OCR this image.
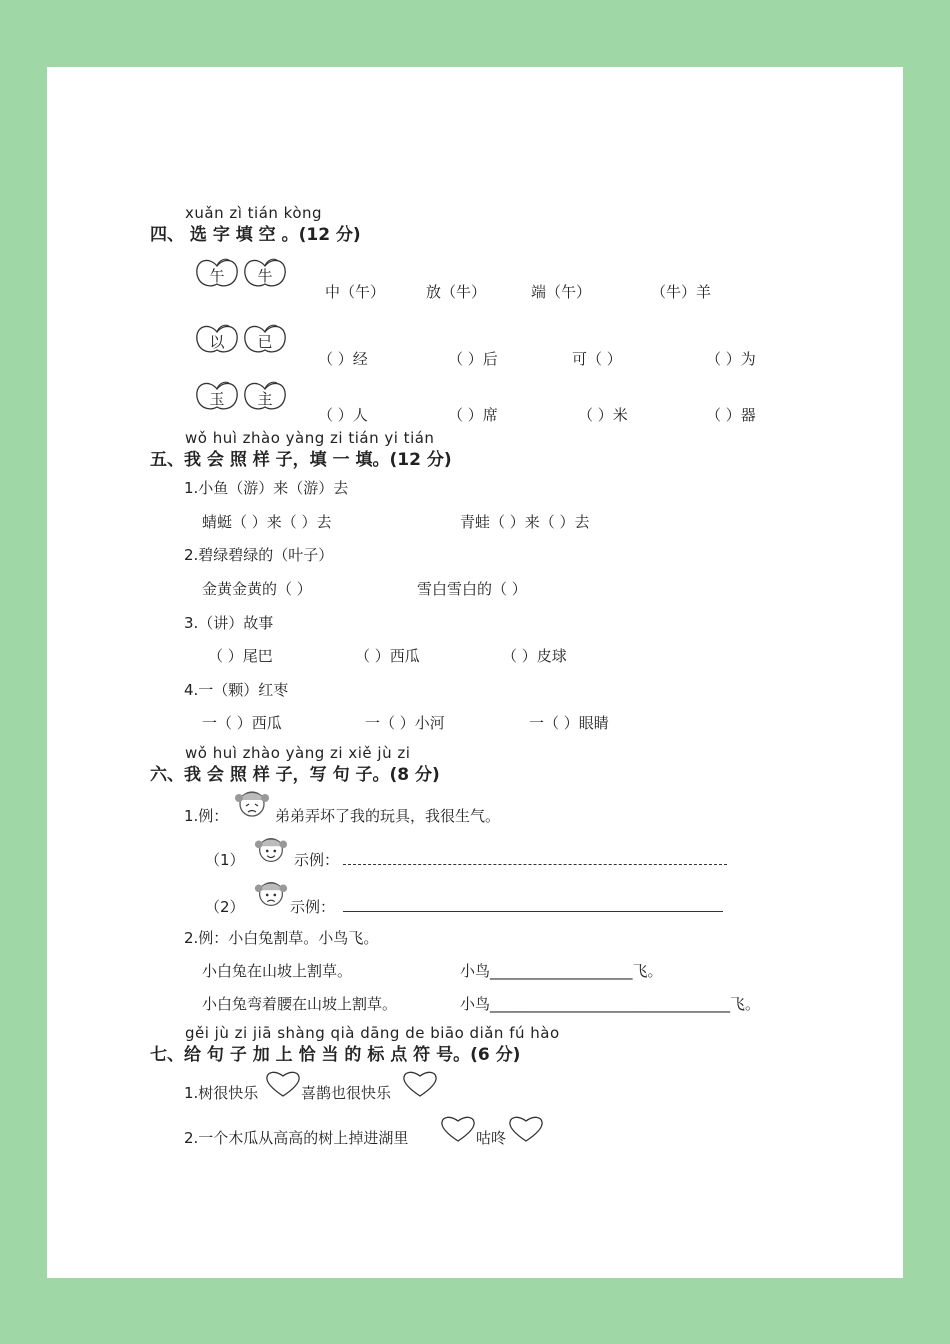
xuǎn zì tián kòng
四、 选 字 填 空 。(12 分)
午	牛
中（午）	放（牛）	端（午）	（牛）羊
以	已
（ ）经	（ ）后	可（ ）	（ ）为
玉	主
（ ）人	（ ）席	（ ）米	（ ）器
wǒ huì zhào yàng zi tián yi tián
五、我 会 照 样 子，填 一 填。(12 分)
1.小鱼（游）来（游）去
蜻蜓（ ）来（ ）去	青蛙（ ）来（ ）去
2.碧绿碧绿的（叶子）
金黄金黄的（ ）	雪白雪白的（ ）
3.（讲）故事
（ ）尾巴	（ ）西瓜	（ ）皮球
4.一（颗）红枣
一（ ）西瓜	一（ ）小河	一（ ）眼睛
wǒ huì zhào yàng zi xiě jù zi
六、我 会 照 样 子，写 句 子。(8 分)
1.例：	弟弟弄坏了我的玩具，我很生气。
（1）	示例：
（2）	示例：
2.例：小白兔割草。小鸟飞。
小白兔在山坡上割草。	小鸟___________________飞。
小白兔弯着腰在山坡上割草。	小鸟________________________________飞。
gěi jù zi jiā shàng qià dāng de biāo diǎn fú hào
七、给 句 子 加 上 恰 当 的 标 点 符 号。(6 分)
1.树很快乐	喜鹊也很快乐
2.一个木瓜从高高的树上掉进湖里	咕咚
